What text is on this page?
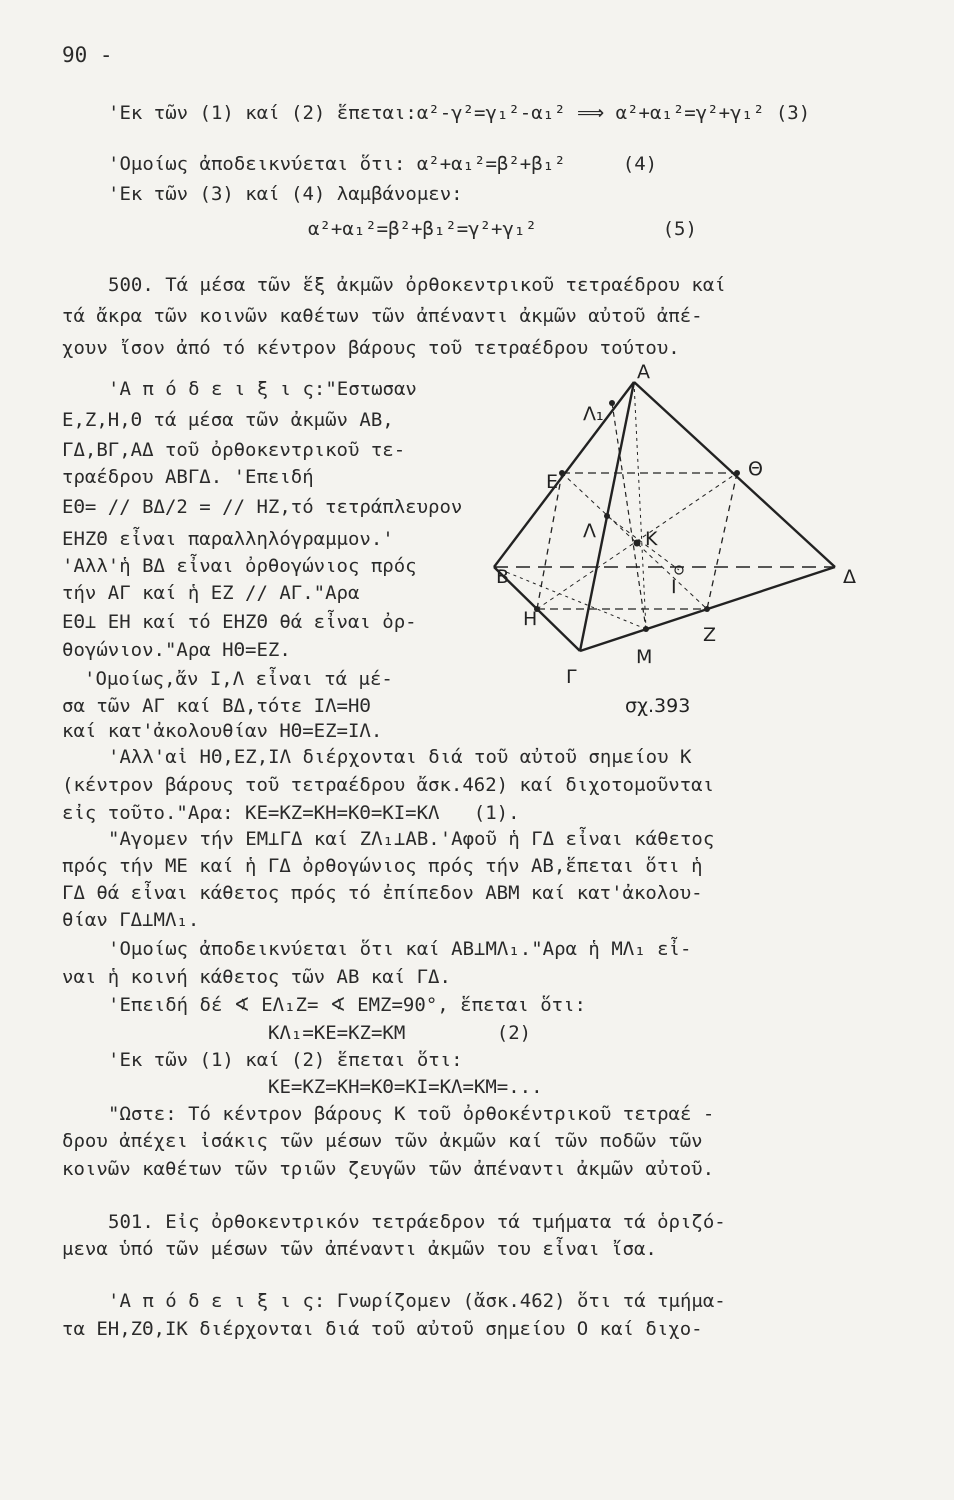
90 -
'Εκ τῶν (1) καί (2) ἕπεται:α²-γ²=γ₁²-α₁² ⟹ α²+α₁²=γ²+γ₁² (3)
'Ομοίως ἀποδεικνύεται ὅτι: α²+α₁²=β²+β₁²     (4)
'Εκ τῶν (3) καί (4) λαμβάνομεν:
α²+α₁²=β²+β₁²=γ²+γ₁²           (5)
500. Τά μέσα τῶν ἕξ ἀκμῶν ὀρθοκεντρικοῦ τετραέδρου καί
τά ἄκρα τῶν κοινῶν καθέτων τῶν ἀπέναντι ἀκμῶν αὐτοῦ ἀπέ-
χουν ἴσον ἀπό τό κέντρον βάρους τοῦ τετραέδρου τούτου.
'Α π ό δ ε ι ξ ι ς:"Εστωσαν
Ε,Ζ,Η,Θ τά μέσα τῶν ἀκμῶν ΑΒ,
ΓΔ,ΒΓ,ΑΔ τοῦ ὀρθοκεντρικοῦ τε-
τραέδρου ΑΒΓΔ. 'Επειδή
ΕΘ= // ΒΔ/2 = // ΗΖ,τό τετράπλευρον
ΕΗΖΘ εἶναι παραλληλόγραμμον.'
'Αλλ'ἡ ΒΔ εἶναι ὀρθογώνιος πρός
τήν ΑΓ καί ἡ ΕΖ // ΑΓ."Αρα
ΕΘ⊥ ΕΗ καί τό ΕΗΖΘ θά εἶναι ὀρ-
θογώνιον."Αρα ΗΘ=ΕΖ.
'Ομοίως,ἄν Ι,Λ εἶναι τά μέ-
σα τῶν ΑΓ καί ΒΔ,τότε ΙΛ=ΗΘ
καί κατ'ἀκολουθίαν ΗΘ=ΕΖ=ΙΛ.
'Αλλ'αἱ ΗΘ,ΕΖ,ΙΛ διέρχονται διά τοῦ αὐτοῦ σημείου Κ
(κέντρον βάρους τοῦ τετραέδρου ἄσκ.462) καί διχοτομοῦνται
εἰς τοῦτο."Αρα: ΚΕ=ΚΖ=ΚΗ=ΚΘ=ΚΙ=ΚΛ   (1).
"Αγομεν τήν ΕΜ⊥ΓΔ καί ΖΛ₁⊥ΑΒ.'Αφοῦ ἡ ΓΔ εἶναι κάθετος
πρός τήν ΜΕ καί ἡ ΓΔ ὀρθογώνιος πρός τήν ΑΒ,ἕπεται ὅτι ἡ
ΓΔ θά εἶναι κάθετος πρός τό ἐπίπεδον ΑΒΜ καί κατ'ἀκολου-
θίαν ΓΔ⊥ΜΛ₁.
'Ομοίως ἀποδεικνύεται ὅτι καί ΑΒ⊥ΜΛ₁."Αρα ἡ ΜΛ₁ εἶ-
ναι ἡ κοινή κάθετος τῶν ΑΒ καί ΓΔ.
'Επειδή δέ ∢ ΕΛ₁Ζ= ∢ ΕΜΖ=90°, ἕπεται ὅτι:
ΚΛ₁=ΚΕ=ΚΖ=ΚΜ        (2)
'Εκ τῶν (1) καί (2) ἕπεται ὅτι:
ΚΕ=ΚΖ=ΚΗ=ΚΘ=ΚΙ=ΚΛ=ΚΜ=...
"Ωστε: Τό κέντρον βάρους Κ τοῦ ὀρθοκέντρικοῦ τετραέ -
δρου ἀπέχει ἰσάκις τῶν μέσων τῶν ἀκμῶν καί τῶν ποδῶν τῶν
κοινῶν καθέτων τῶν τριῶν ζευγῶν τῶν ἀπέναντι ἀκμῶν αὐτοῦ.
501. Εἰς ὀρθοκεντρικόν τετράεδρον τά τμήματα τά ὁριζό-
μενα ὑπό τῶν μέσων τῶν ἀπέναντι ἀκμῶν του εἶναι ἴσα.
'Α π ό δ ε ι ξ ι ς: Γνωρίζομεν (ἄσκ.462) ὅτι τά τμήμα-
τα ΕΗ,ΖΘ,ΙΚ διέρχονται διά τοῦ αὐτοῦ σημείου Ο καί διχο-
Α
Λ₁
Ε
Θ
Λ	Κ
Β	Δ
Ι
Η
Ζ
Μ
Γ
σχ.393
